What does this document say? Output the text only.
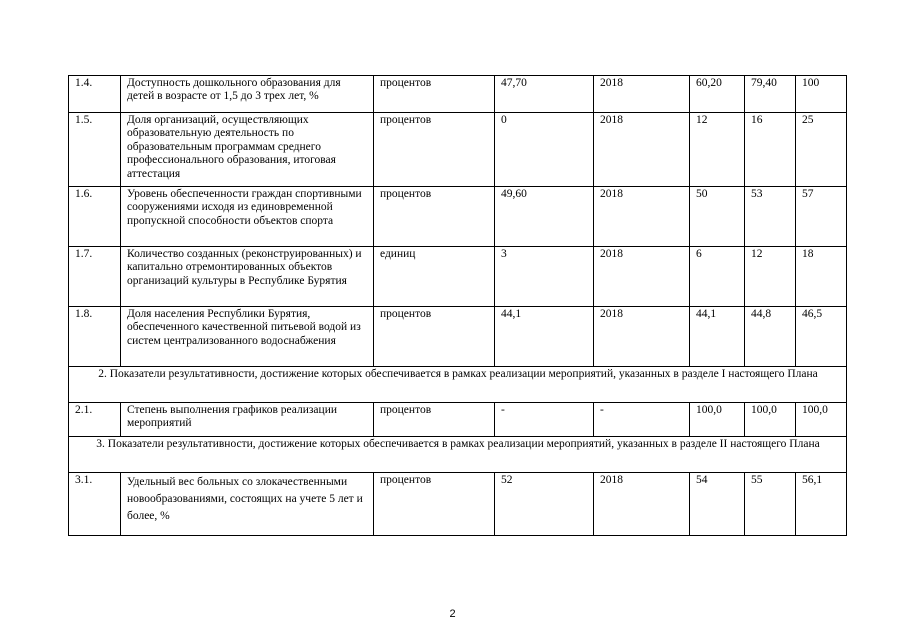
1.4.	Доступность дошкольного образования для детей в возрасте от 1,5 до 3 трех лет, %	процентов	47,70	2018	60,20	79,40	100
1.5.	Доля организаций, осуществляющих образовательную деятельность по образовательным программам среднего профессионального образования, итоговая аттестация	процентов	0	2018	12	16	25
1.6.	Уровень обеспеченности граждан спортивными сооружениями исходя из единовременной пропускной способности объектов спорта	процентов	49,60	2018	50	53	57
1.7.	Количество созданных (реконструированных) и капитально отремонтированных объектов организаций культуры в Республике Бурятия	единиц	3	2018	6	12	18
1.8.	Доля населения Республики Бурятия, обеспеченного качественной питьевой водой из систем централизованного водоснабжения	процентов	44,1	2018	44,1	44,8	46,5
2. Показатели результативности, достижение которых обеспечивается в рамках реализации мероприятий, указанных в разделе I настоящего Плана							
2.1.	Степень выполнения графиков реализации мероприятий	процентов	-	-	100,0	100,0	100,0
3. Показатели результативности, достижение которых обеспечивается в рамках реализации мероприятий, указанных в разделе II настоящего Плана							
3.1.	Удельный вес больных со злокачественными новообразованиями, состоящих на учете 5 лет и более, %	процентов	52	2018	54	55	56,1
2
